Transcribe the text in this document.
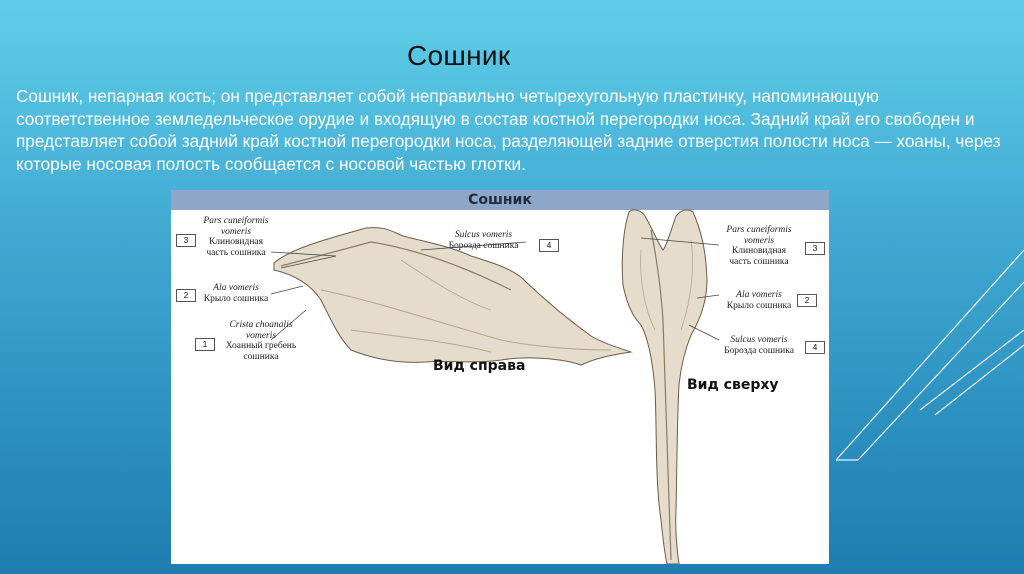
Сошник
Сошник, непарная кость; он представляет собой неправильно четырехугольную пластинку, напоминающую соответственное земледельческое орудие и входящую в состав костной перегородки носа. Задний край его свободен и представляет собой задний край костной перегородки носа, разделяющей задние отверстия полости носа — хоаны, через которые носовая полость сообщается с носовой частью глотки.
Сошник
3
Pars cuneiformis
vomeris
Клиновидная
часть сошника
2
Ala vomeris
Крыло сошника
1
Crista choanalis
vomeris
Хоанный гребень
сошника
Sulcus vomeris
Борозда сошника	4
Pars cuneiformis
vomeris
Клиновидная
часть сошника
3
Ala vomeris
Крыло сошника
2
Sulcus vomeris
Борозда сошника	4
Вид справа
Вид сверху
